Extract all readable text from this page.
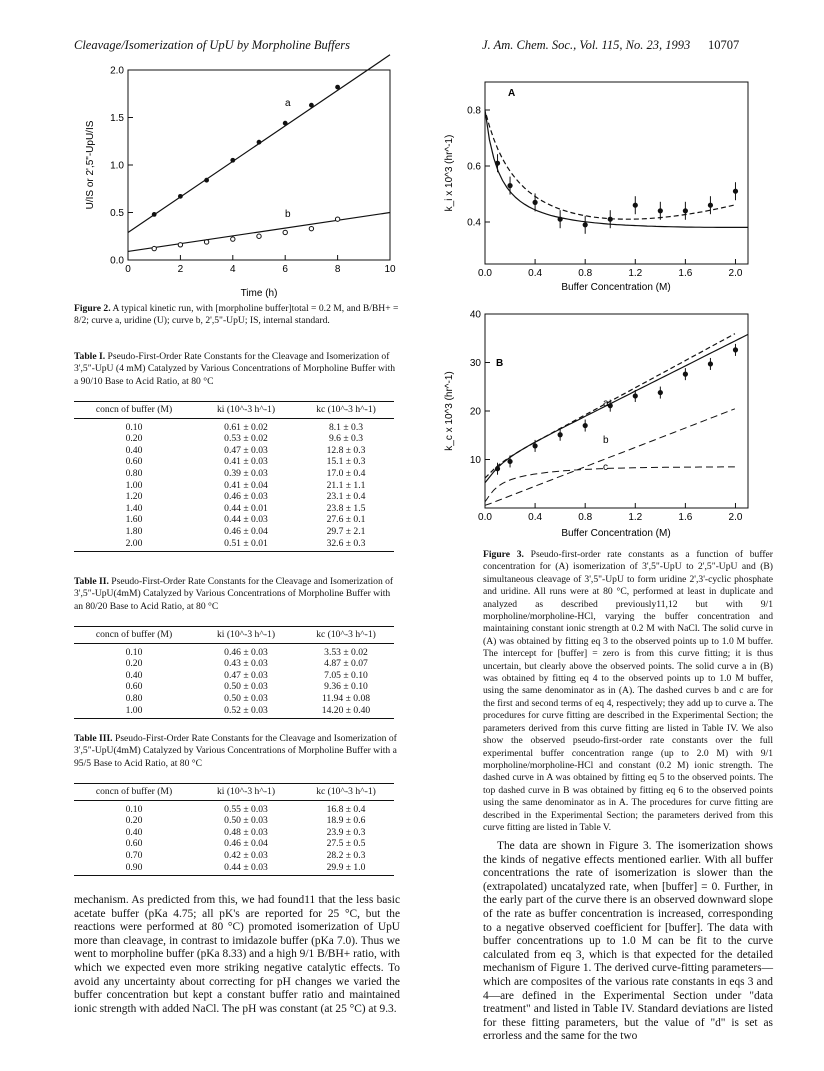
Cleavage/Isomerization of UpU by Morpholine Buffers	J. Am. Chem. Soc., Vol. 115, No. 23, 1993 10707
0	2	4	6	8	10
0.0
0.5
1.0
1.5
2.0
a
b
Time (h)
U/IS or 2',5"-UpU/IS
Figure 2. A typical kinetic run, with [morpholine buffer]total = 0.2 M, and B/BH+ = 8/2; curve a, uridine (U); curve b, 2',5"-UpU; IS, internal standard.
Table I. Pseudo-First-Order Rate Constants for the Cleavage and Isomerization of 3',5"-UpU (4 mM) Catalyzed by Various Concentrations of Morpholine Buffer with a 90/10 Base to Acid Ratio, at 80 °C
concn of buffer (M)	ki (10^-3 h^-1)	kc (10^-3 h^-1)
0.10	0.61 ± 0.02	8.1 ± 0.3
0.20	0.53 ± 0.02	9.6 ± 0.3
0.40	0.47 ± 0.03	12.8 ± 0.3
0.60	0.41 ± 0.03	15.1 ± 0.3
0.80	0.39 ± 0.03	17.0 ± 0.4
1.00	0.41 ± 0.04	21.1 ± 1.1
1.20	0.46 ± 0.03	23.1 ± 0.4
1.40	0.44 ± 0.01	23.8 ± 1.5
1.60	0.44 ± 0.03	27.6 ± 0.1
1.80	0.46 ± 0.04	29.7 ± 2.1
2.00	0.51 ± 0.01	32.6 ± 0.3
Table II. Pseudo-First-Order Rate Constants for the Cleavage and Isomerization of 3',5"-UpU(4mM) Catalyzed by Various Concentrations of Morpholine Buffer with an 80/20 Base to Acid Ratio, at 80 °C
concn of buffer (M)	ki (10^-3 h^-1)	kc (10^-3 h^-1)
0.10	0.46 ± 0.03	3.53 ± 0.02
0.20	0.43 ± 0.03	4.87 ± 0.07
0.40	0.47 ± 0.03	7.05 ± 0.10
0.60	0.50 ± 0.03	9.36 ± 0.10
0.80	0.50 ± 0.03	11.94 ± 0.08
1.00	0.52 ± 0.03	14.20 ± 0.40
Table III. Pseudo-First-Order Rate Constants for the Cleavage and Isomerization of 3',5"-UpU(4mM) Catalyzed by Various Concentrations of Morpholine Buffer with a 95/5 Base to Acid Ratio, at 80 °C
concn of buffer (M)	ki (10^-3 h^-1)	kc (10^-3 h^-1)
0.10	0.55 ± 0.03	16.8 ± 0.4
0.20	0.50 ± 0.03	18.9 ± 0.6
0.40	0.48 ± 0.03	23.9 ± 0.3
0.60	0.46 ± 0.04	27.5 ± 0.5
0.70	0.42 ± 0.03	28.2 ± 0.3
0.90	0.44 ± 0.03	29.9 ± 1.0

mechanism. As predicted from this, we had found11 that the less basic acetate buffer (pKa 4.75; all pK's are reported for 25 °C, but the reactions were performed at 80 °C) promoted isomerization of UpU more than cleavage, in contrast to imidazole buffer (pKa 7.0). Thus we went to morpholine buffer (pKa 8.33) and a high 9/1 B/BH+ ratio, with which we expected even more striking negative catalytic effects. To avoid any uncertainty about correcting for pH changes we varied the buffer concentration but kept a constant buffer ratio and maintained ionic strength with added NaCl. The pH was constant (at 25 °C) at 9.3.

A
0.0	0.4	0.8	1.2	1.6	2.0
0.4
0.6
0.8
Buffer Concentration (M)
k_i x 10^3 (hr^-1)
B
0.0	0.4	0.8	1.2	1.6	2.0
10
20
30
40
a
b
c
Buffer Concentration (M)
k_c x 10^3 (hr^-1)
Figure 3. Pseudo-first-order rate constants as a function of buffer concentration for (A) isomerization of 3',5"-UpU to 2',5"-UpU and (B) simultaneous cleavage of 3',5"-UpU to form uridine 2',3'-cyclic phosphate and uridine. All runs were at 80 °C, performed at least in duplicate and analyzed as described previously11,12 but with 9/1 morpholine/morpholine-HCl, varying the buffer concentration and maintaining constant ionic strength at 0.2 M with NaCl. The solid curve in (A) was obtained by fitting eq 3 to the observed points up to 1.0 M buffer. The intercept for [buffer] = zero is from this curve fitting; it is thus uncertain, but clearly above the observed points. The solid curve a in (B) was obtained by fitting eq 4 to the observed points up to 1.0 M buffer, using the same denominator as in (A). The dashed curves b and c are for the first and second terms of eq 4, respectively; they add up to curve a. The procedures for curve fitting are described in the Experimental Section; the parameters derived from this curve fitting are listed in Table IV. We also show the observed pseudo-first-order rate constants over the full experimental buffer concentration range (up to 2.0 M) with 9/1 morpholine/morpholine-HCl and constant (0.2 M) ionic strength. The dashed curve in A was obtained by fitting eq 5 to the observed points. The top dashed curve in B was obtained by fitting eq 6 to the observed points using the same denominator as in A. The procedures for curve fitting are described in the Experimental Section; the parameters derived from this curve fitting are listed in Table V.

The data are shown in Figure 3. The isomerization shows the kinds of negative effects mentioned earlier. With all buffer concentrations the rate of isomerization is slower than the (extrapolated) uncatalyzed rate, when [buffer] = 0. Further, in the early part of the curve there is an observed downward slope of the rate as buffer concentration is increased, corresponding to a negative observed coefficient for [buffer]. The data with buffer concentrations up to 1.0 M can be fit to the curve calculated from eq 3, which is that expected for the detailed mechanism of Figure 1. The derived curve-fitting parameters—which are composites of the various rate constants in eqs 3 and 4—are defined in the Experimental Section under "data treatment" and listed in Table IV. Standard deviations are listed for these fitting parameters, but the value of "d" is set as errorless and the same for the two
